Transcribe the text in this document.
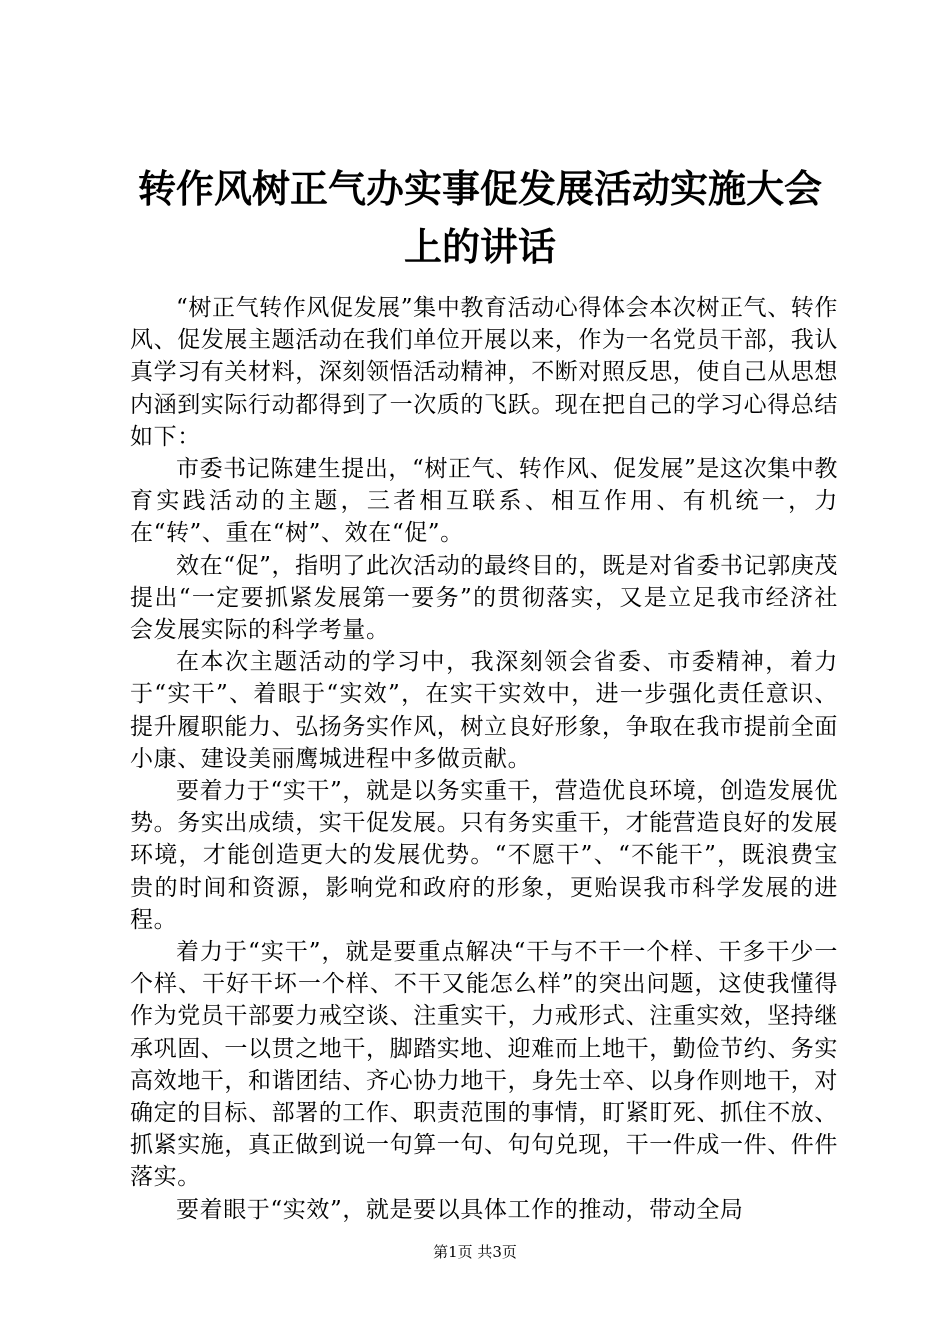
转作风树正气办实事促发展活动实施大会上的讲话

“树正气转作风促发展”集中教育活动心得体会本次树正气、转作风、促发展主题活动在我们单位开展以来，作为一名党员干部，我认真学习有关材料，深刻领悟活动精神，不断对照反思，使自己从思想内涵到实际行动都得到了一次质的飞跃。现在把自己的学习心得总结如下：

市委书记陈建生提出，“树正气、转作风、促发展”是这次集中教育实践活动的主题，三者相互联系、相互作用、有机统一，力在“转”、重在“树”、效在“促”。

效在“促”，指明了此次活动的最终目的，既是对省委书记郭庚茂提出“一定要抓紧发展第一要务”的贯彻落实，又是立足我市经济社会发展实际的科学考量。

在本次主题活动的学习中，我深刻领会省委、市委精神，着力于“实干”、着眼于“实效”，在实干实效中，进一步强化责任意识、提升履职能力、弘扬务实作风，树立良好形象，争取在我市提前全面小康、建设美丽鹰城进程中多做贡献。

要着力于“实干”，就是以务实重干，营造优良环境，创造发展优势。务实出成绩，实干促发展。只有务实重干，才能营造良好的发展环境，才能创造更大的发展优势。“不愿干”、“不能干”，既浪费宝贵的时间和资源，影响党和政府的形象，更贻误我市科学发展的进程。

着力于“实干”，就是要重点解决“干与不干一个样、干多干少一个样、干好干坏一个样、不干又能怎么样”的突出问题，这使我懂得作为党员干部要力戒空谈、注重实干，力戒形式、注重实效，坚持继承巩固、一以贯之地干，脚踏实地、迎难而上地干，勤俭节约、务实高效地干，和谐团结、齐心协力地干，身先士卒、以身作则地干，对确定的目标、部署的工作、职责范围的事情，盯紧盯死、抓住不放、抓紧实施，真正做到说一句算一句、句句兑现，干一件成一件、件件落实。

要着眼于“实效”，就是要以具体工作的推动，带动全局

第1页 共3页
